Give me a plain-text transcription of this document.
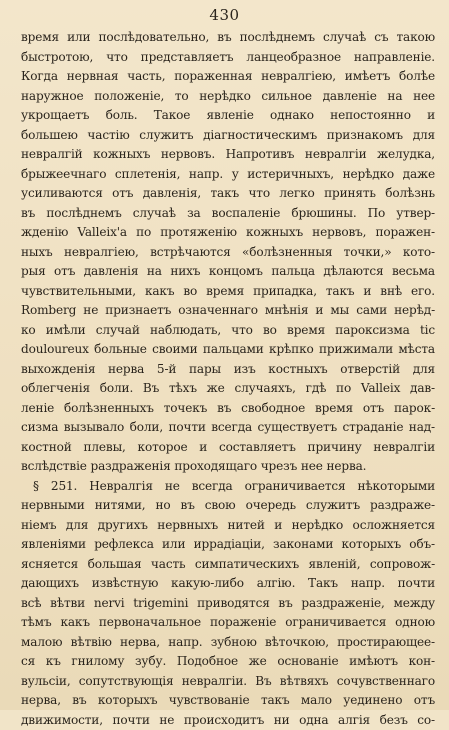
430
время или послѣдовательно, въ послѣднемъ случаѣ съ такою
быстротою, что представляетъ ланцеобразное направленіе.
Когда нервная часть, пораженная невралгіею, имѣетъ болѣе
наружное положеніе, то нерѣдко сильное давленіе на нее
укрощаетъ боль. Такое явленіе однако непостоянно и
большею частію служитъ діагностическимъ признакомъ для
невралгій кожныхъ нервовъ. Напротивъ невралгіи желудка,
брыжеечнаго сплетенія, напр. у истеричныхъ, нерѣдко даже
усиливаются отъ давленія, такъ что легко принять болѣзнь
въ послѣднемъ случаѣ за воспаленіе брюшины. По утвер-
жденію Valleix'а по протяженію кожныхъ нервовъ, поражен-
ныхъ невралгіею, встрѣчаются «болѣзненныя точки,» кото-
рыя отъ давленія на нихъ концомъ пальца дѣлаются весьма
чувствительными, какъ во время припадка, такъ и внѣ его.
Romberg не признаетъ означеннаго мнѣнія и мы сами нерѣд-
ко имѣли случай наблюдать, что во время пароксизма tic
douloureux больные своими пальцами крѣпко прижимали мѣста
выхожденія нерва 5-й пары изъ костныхъ отверстій для
облегченія боли. Въ тѣхъ же случаяхъ, гдѣ по Valleix дав-
леніе болѣзненныхъ точекъ въ свободное время отъ парок-
сизма вызывало боли, почти всегда существуетъ страданіе над-
костной плевы, которое и составляетъ причину невралгіи
вслѣдствіе раздраженія проходящаго чрезъ нее нерва.
§ 251. Невралгія не всегда ограничивается нѣкоторыми
нервными нитями, но въ свою очередь служитъ раздраже-
ніемъ для другихъ нервныхъ нитей и нерѣдко осложняется
явленіями рефлекса или иррадіаціи, законами которыхъ объ-
ясняется большая часть симпатическихъ явленій, сопровож-
дающихъ извѣстную какую-либо алгію. Такъ напр. почти
всѣ вѣтви nervi trigemini приводятся въ раздраженіе, между
тѣмъ какъ первоначальное пораженіе ограничивается одною
малою вѣтвію нерва, напр. зубною вѣточкою, простирающее-
ся къ гнилому зубу. Подобное же основаніе имѣютъ кон-
вульсіи, сопутствующія невралгіи. Въ вѣтвяхъ сочувственнаго
нерва, въ которыхъ чувствованіе такъ мало уединено отъ
движимости, почти не происходитъ ни одна алгія безъ со-
